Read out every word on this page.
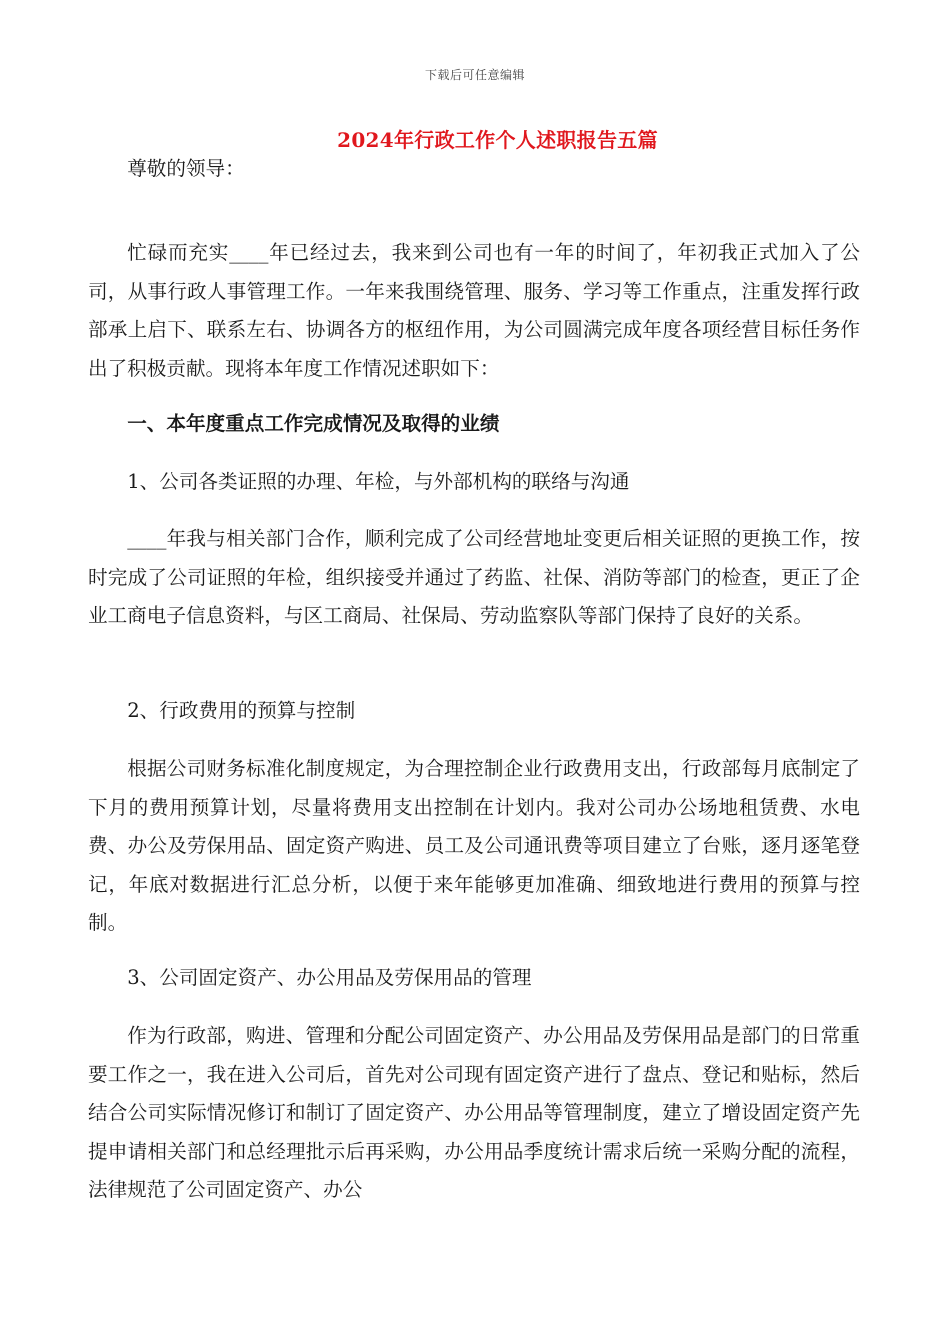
下载后可任意编辑
2024年行政工作个人述职报告五篇

尊敬的领导：

忙碌而充实____年已经过去，我来到公司也有一年的时间了，年初我正式加入了公司，从事行政人事管理工作。一年来我围绕管理、服务、学习等工作重点，注重发挥行政部承上启下、联系左右、协调各方的枢纽作用，为公司圆满完成年度各项经营目标任务作出了积极贡献。现将本年度工作情况述职如下：

一、本年度重点工作完成情况及取得的业绩

1、公司各类证照的办理、年检，与外部机构的联络与沟通

____年我与相关部门合作，顺利完成了公司经营地址变更后相关证照的更换工作，按时完成了公司证照的年检，组织接受并通过了药监、社保、消防等部门的检查，更正了企业工商电子信息资料，与区工商局、社保局、劳动监察队等部门保持了良好的关系。

2、行政费用的预算与控制

根据公司财务标准化制度规定，为合理控制企业行政费用支出，行政部每月底制定了下月的费用预算计划，尽量将费用支出控制在计划内。我对公司办公场地租赁费、水电费、办公及劳保用品、固定资产购进、员工及公司通讯费等项目建立了台账，逐月逐笔登记，年底对数据进行汇总分析，以便于来年能够更加准确、细致地进行费用的预算与控制。

3、公司固定资产、办公用品及劳保用品的管理

作为行政部，购进、管理和分配公司固定资产、办公用品及劳保用品是部门的日常重要工作之一，我在进入公司后，首先对公司现有固定资产进行了盘点、登记和贴标，然后结合公司实际情况修订和制订了固定资产、办公用品等管理制度，建立了增设固定资产先提申请相关部门和总经理批示后再采购，办公用品季度统计需求后统一采购分配的流程，法律规范了公司固定资产、办公
